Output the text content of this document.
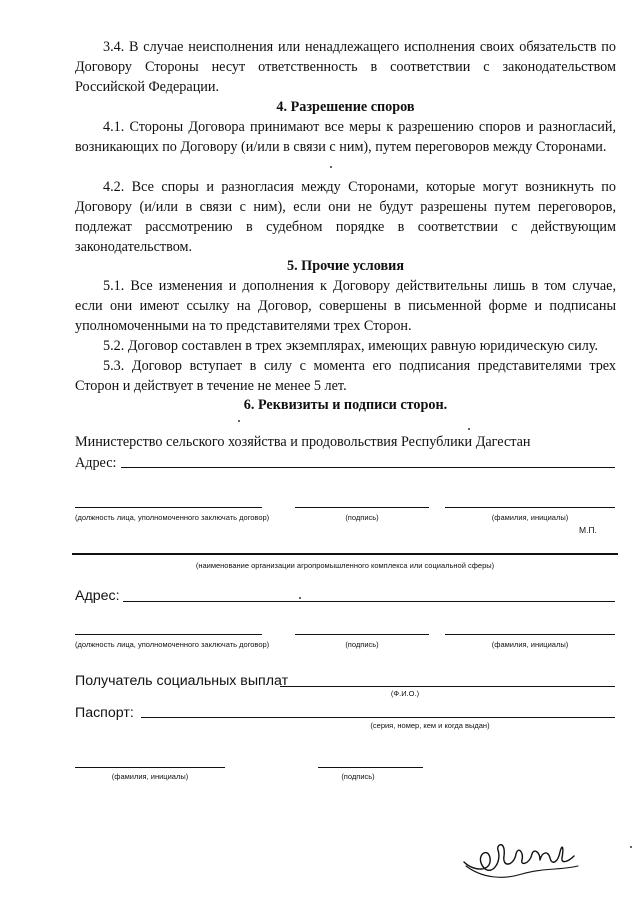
3.4. В случае неисполнения или ненадлежащего исполнения своих обязательств по Договору Стороны несут ответственность в соответствии с законодательством Российской Федерации.

4. Разрешение споров

4.1. Стороны Договора принимают все меры к разрешению споров и разногласий, возникающих по Договору (и/или в связи с ним), путем переговоров между Сторонами.

4.2. Все споры и разногласия между Сторонами, которые могут возникнуть по Договору (и/или в связи с ним), если они не будут разрешены путем переговоров, подлежат рассмотрению в судебном порядке в соответствии с действующим законодательством.

5. Прочие условия

5.1. Все изменения и дополнения к Договору действительны лишь в том случае, если они имеют ссылку на Договор, совершены в письменной форме и подписаны уполномоченными на то представителями трех Сторон.

5.2. Договор составлен в трех экземплярах, имеющих равную юридическую силу.

5.3. Договор вступает в силу с момента его подписания представителями трех Сторон и действует в течение не менее 5 лет.

6. Реквизиты и подписи сторон.

Министерство сельского хозяйства и продовольствия Республики Дагестан
Адрес:
(должность лица, уполномоченного заключать договор)	(подпись)	(фамилия, инициалы)
М.П.
(наименование организации агропромышленного комплекса или социальной сферы)
Адрес:
(должность лица, уполномоченного заключать договор)	(подпись)	(фамилия, инициалы)
Получатель социальных выплат
(Ф.И.О.)
Паспорт:
(серия, номер, кем и когда выдан)
(фамилия, инициалы)	(подпись)
